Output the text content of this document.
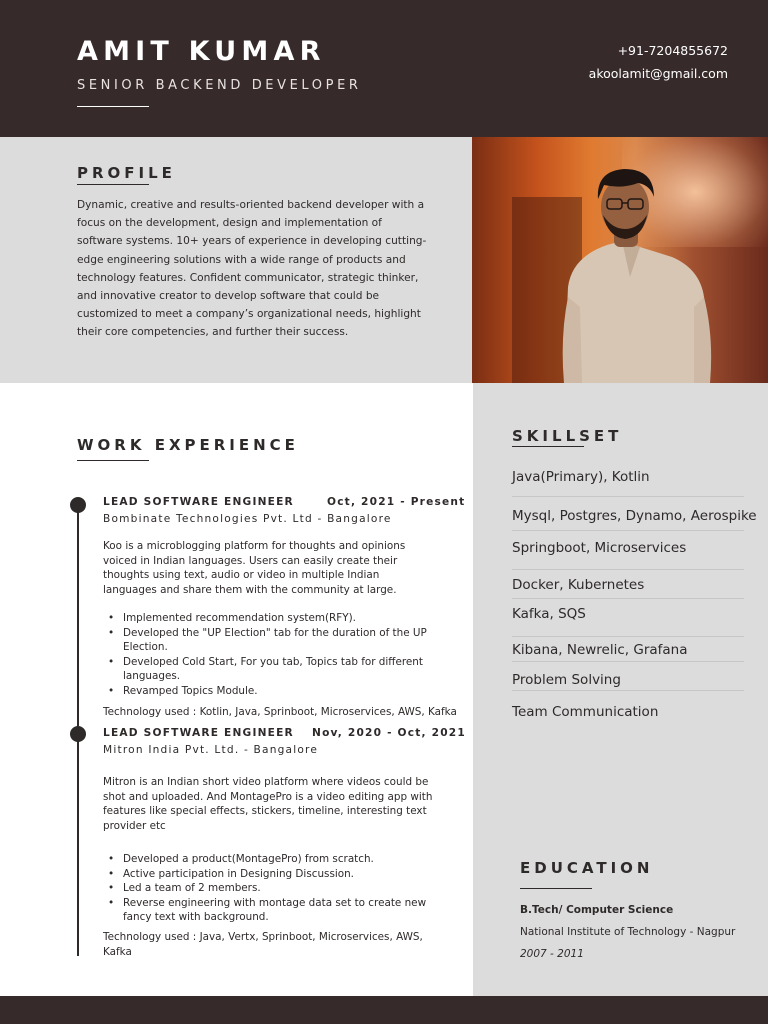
AMIT KUMAR
SENIOR BACKEND DEVELOPER
+91-7204855672
akoolamit@gmail.com
PROFILE
Dynamic, creative and results-oriented backend developer with a focus on the development, design and implementation of software systems. 10+ years of experience in developing cutting-edge engineering solutions with a wide range of products and technology features. Confident communicator, strategic thinker, and innovative creator to develop software that could be customized to meet a company’s organizational needs, highlight their core competencies, and further their success.
WORK EXPERIENCE
LEAD SOFTWARE ENGINEER	Oct, 2021 - Present
Bombinate Technologies Pvt. Ltd - Bangalore
Koo is a microblogging platform for thoughts and opinions voiced in Indian languages. Users can easily create their thoughts using text, audio or video in multiple Indian languages and share them with the community at large.
• Implemented recommendation system(RFY).
• Developed the "UP Election" tab for the duration of the UP Election.
• Developed Cold Start, For you tab, Topics tab for different languages.
• Revamped Topics Module.
Technology used : Kotlin, Java, Sprinboot, Microservices, AWS, Kafka
LEAD SOFTWARE ENGINEER Nov, 2020 - Oct, 2021
Mitron India Pvt. Ltd. - Bangalore
Mitron is an Indian short video platform where videos could be shot and uploaded. And MontagePro is a video editing app with features like special effects, stickers, timeline, interesting text provider etc
• Developed a product(MontagePro) from scratch.
• Active participation in Designing Discussion.
• Led a team of 2 members.
• Reverse engineering with montage data set to create new fancy text with background.
Technology used : Java, Vertx, Sprinboot, Microservices, AWS, Kafka
SKILLSET
Java(Primary), Kotlin
Mysql, Postgres, Dynamo, Aerospike
Springboot, Microservices
Docker, Kubernetes
Kafka, SQS
Kibana, Newrelic, Grafana
Problem Solving
Team Communication
EDUCATION
B.Tech/ Computer Science
National Institute of Technology - Nagpur
2007 - 2011
